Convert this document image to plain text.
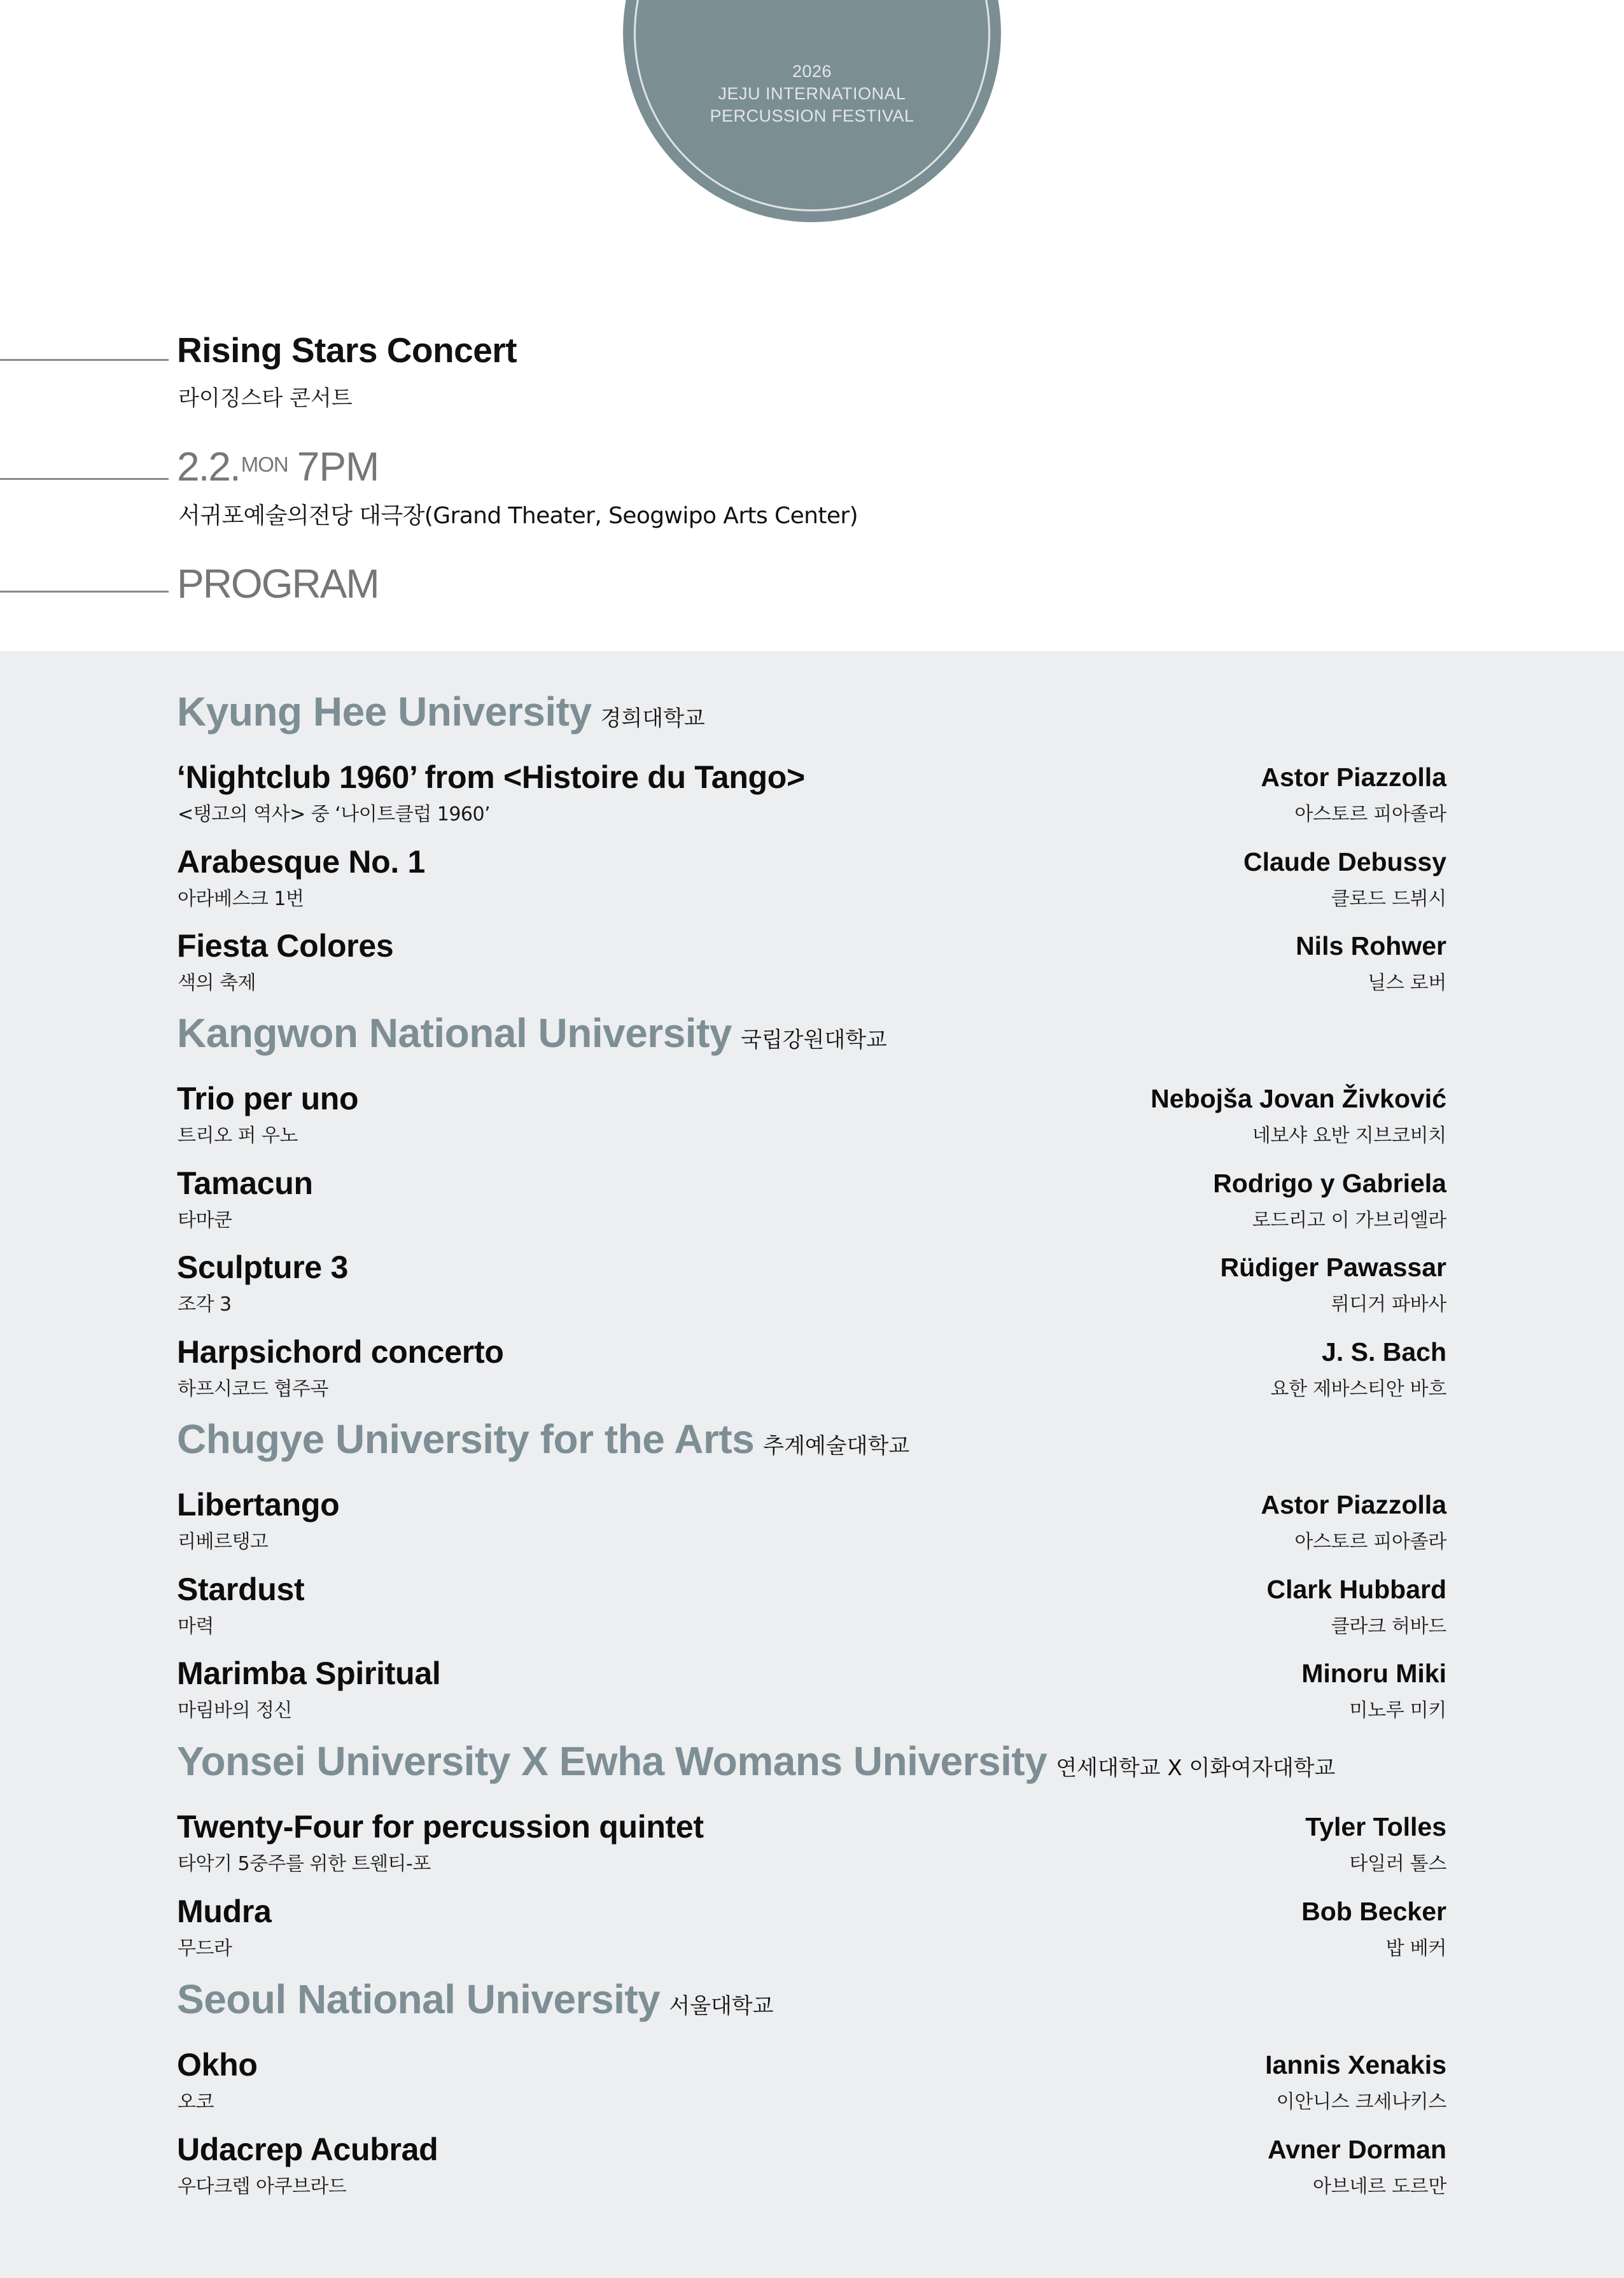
2026
JEJU INTERNATIONAL
PERCUSSION FESTIVAL
Rising Stars Concert
라이징스타 콘서트
2.2. MON 7PM
서귀포예술의전당 대극장(Grand Theater, Seogwipo Arts Center)
PROGRAM
Kyung Hee University 경희대학교
‘Nightclub 1960’ from <Histoire du Tango>
<탱고의 역사> 중 ‘나이트클럽 1960’
Astor Piazzolla
아스토르 피아졸라
Arabesque No. 1
아라베스크 1번
Claude Debussy
클로드 드뷔시
Fiesta Colores
색의 축제
Nils Rohwer
닐스 로버
Kangwon National University 국립강원대학교
Trio per uno
트리오 퍼 우노
Nebojša Jovan Živković
네보샤 요반 지브코비치
Tamacun
타마쿤
Rodrigo y Gabriela
로드리고 이 가브리엘라
Sculpture 3
조각 3
Rüdiger Pawassar
뤼디거 파바사
Harpsichord concerto
하프시코드 협주곡
J. S. Bach
요한 제바스티안 바흐
Chugye University for the Arts 추계예술대학교
Libertango
리베르탱고
Astor Piazzolla
아스토르 피아졸라
Stardust
마력
Clark Hubbard
클라크 허바드
Marimba Spiritual
마림바의 정신
Minoru Miki
미노루 미키
Yonsei University X Ewha Womans University 연세대학교 X 이화여자대학교
Twenty-Four for percussion quintet
타악기 5중주를 위한 트웬티-포
Tyler Tolles
타일러 톨스
Mudra
무드라
Bob Becker
밥 베커
Seoul National University 서울대학교
Okho
오코
Iannis Xenakis
이안니스 크세나키스
Udacrep Acubrad
우다크렙 아쿠브라드
Avner Dorman
아브네르 도르만
